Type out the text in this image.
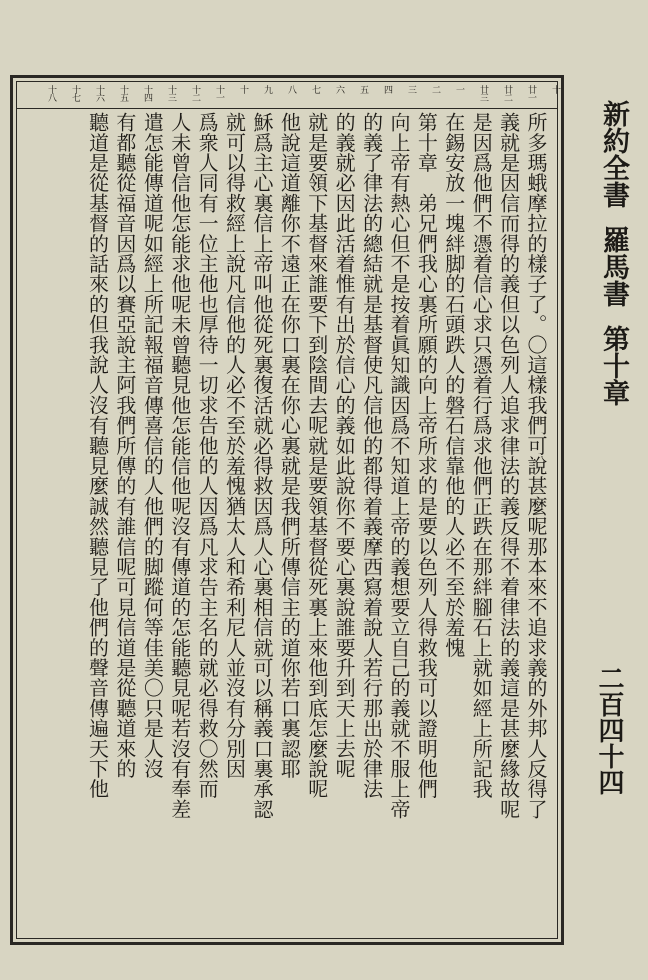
新約全書羅馬書第十章
二百四十四
十
廿一
廿二
廿三
一
二
三
四
五
六
七
八
九
十
十一
十二
十三
十四
十五
十六
十七
十八
所多瑪蛾摩拉的樣子了。〇這樣我們可說甚麼呢那本來不追求義的外邦人反得了
義就是因信而得的義但以色列人追求律法的義反得不着律法的義這是甚麼緣故呢
是因爲他們不憑着信心求只憑着行爲求他們正跌在那絆腳石上就如經上所記我
在錫安放一塊絆脚的石頭跌人的磐石信靠他的人必不至於羞愧
第十章　弟兄們我心裏所願的向上帝所求的是要以色列人得救我可以證明他們
向上帝有熱心但不是按着眞知識因爲不知道上帝的義想要立自己的義就不服上帝
的義了律法的總結就是基督使凡信他的都得着義摩西寫着說人若行那出於律法
的義就必因此活着惟有出於信心的義如此說你不要心裏說誰要升到天上去呢
就是要領下基督來誰要下到陰間去呢就是要領基督從死裏上來他到底怎麼說呢
他說這道離你不遠正在你口裏在你心裏就是我們所傳信主的道你若口裏認耶
穌爲主心裏信上帝叫他從死裏復活就必得救因爲人心裏相信就可以稱義口裏承認
就可以得救經上說凡信他的人必不至於羞愧猶太人和希利尼人並沒有分別因
爲衆人同有一位主他也厚待一切求告他的人因爲凡求告主名的就必得救〇然而
人未曾信他怎能求他呢未曾聽見他怎能信他呢沒有傳道的怎能聽見呢若沒有奉差
遣怎能傳道呢如經上所記報福音傳喜信的人他們的脚蹤何等佳美〇只是人沒
有都聽從福音因爲以賽亞說主阿我們所傳的有誰信呢可見信道是從聽道來的
聽道是從基督的話來的但我說人沒有聽見麼誠然聽見了他們的聲音傳遍天下他
